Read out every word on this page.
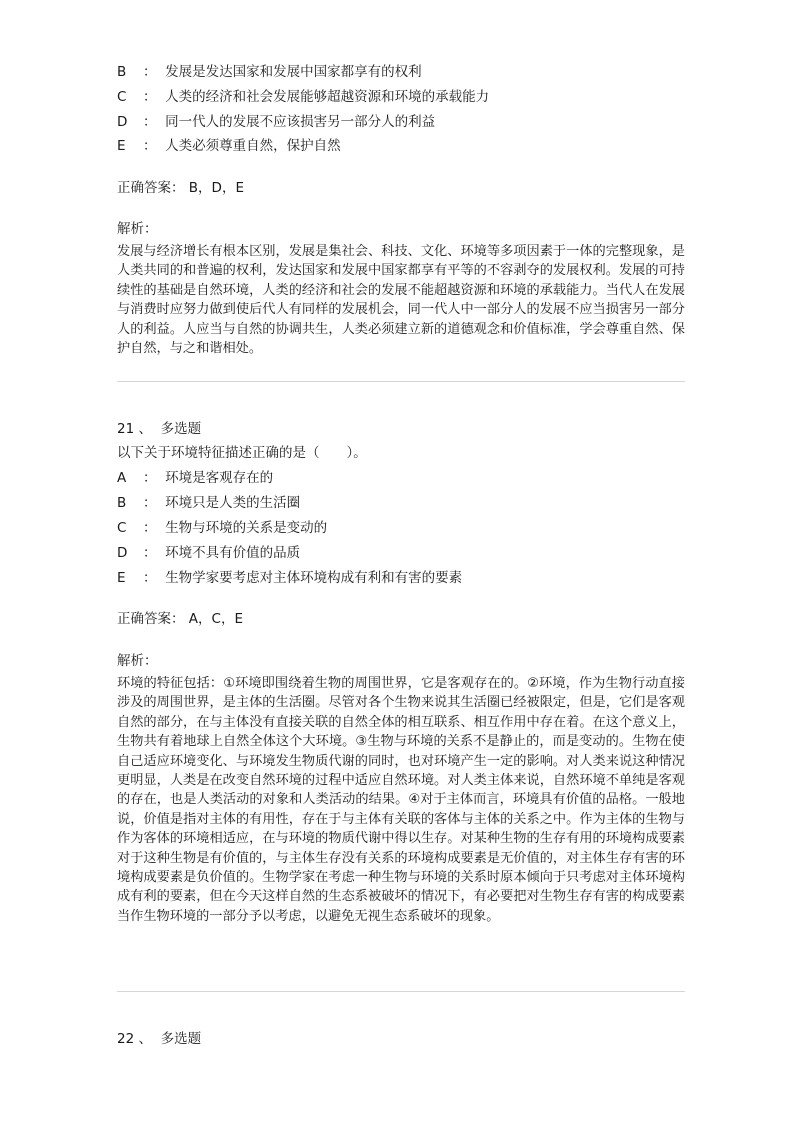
B ： 发展是发达国家和发展中国家都享有的权利
C ： 人类的经济和社会发展能够超越资源和环境的承载能力
D ： 同一代人的发展不应该损害另一部分人的利益
E ： 人类必须尊重自然，保护自然
正确答案： B，D，E
解析：
发展与经济增长有根本区别，发展是集社会、科技、文化、环境等多项因素于一体的完整现象，是人类共同的和普遍的权利，发达国家和发展中国家都享有平等的不容剥夺的发展权利。发展的可持续性的基础是自然环境，人类的经济和社会的发展不能超越资源和环境的承载能力。当代人在发展与消费时应努力做到使后代人有同样的发展机会，同一代人中一部分人的发展不应当损害另一部分人的利益。人应当与自然的协调共生，人类必须建立新的道德观念和价值标准，学会尊重自然、保护自然，与之和谐相处。
21 、 多选题
以下关于环境特征描述正确的是（　　）。
A ： 环境是客观存在的
B ： 环境只是人类的生活圈
C ： 生物与环境的关系是变动的
D ： 环境不具有价值的品质
E ： 生物学家要考虑对主体环境构成有利和有害的要素
正确答案： A，C，E
解析：
环境的特征包括：①环境即围绕着生物的周围世界，它是客观存在的。②环境，作为生物行动直接涉及的周围世界，是主体的生活圈。尽管对各个生物来说其生活圈已经被限定，但是，它们是客观自然的部分，在与主体没有直接关联的自然全体的相互联系、相互作用中存在着。在这个意义上，生物共有着地球上自然全体这个大环境。③生物与环境的关系不是静止的，而是变动的。生物在使自己适应环境变化、与环境发生物质代谢的同时，也对环境产生一定的影响。对人类来说这种情况更明显，人类是在改变自然环境的过程中适应自然环境。对人类主体来说，自然环境不单纯是客观的存在，也是人类活动的对象和人类活动的结果。④对于主体而言，环境具有价值的品格。一般地说，价值是指对主体的有用性，存在于与主体有关联的客体与主体的关系之中。作为主体的生物与作为客体的环境相适应，在与环境的物质代谢中得以生存。对某种生物的生存有用的环境构成要素对于这种生物是有价值的，与主体生存没有关系的环境构成要素是无价值的，对主体生存有害的环境构成要素是负价值的。生物学家在考虑一种生物与环境的关系时原本倾向于只考虑对主体环境构成有利的要素，但在今天这样自然的生态系被破坏的情况下，有必要把对生物生存有害的构成要素当作生物环境的一部分予以考虑，以避免无视生态系破坏的现象。
22 、 多选题
